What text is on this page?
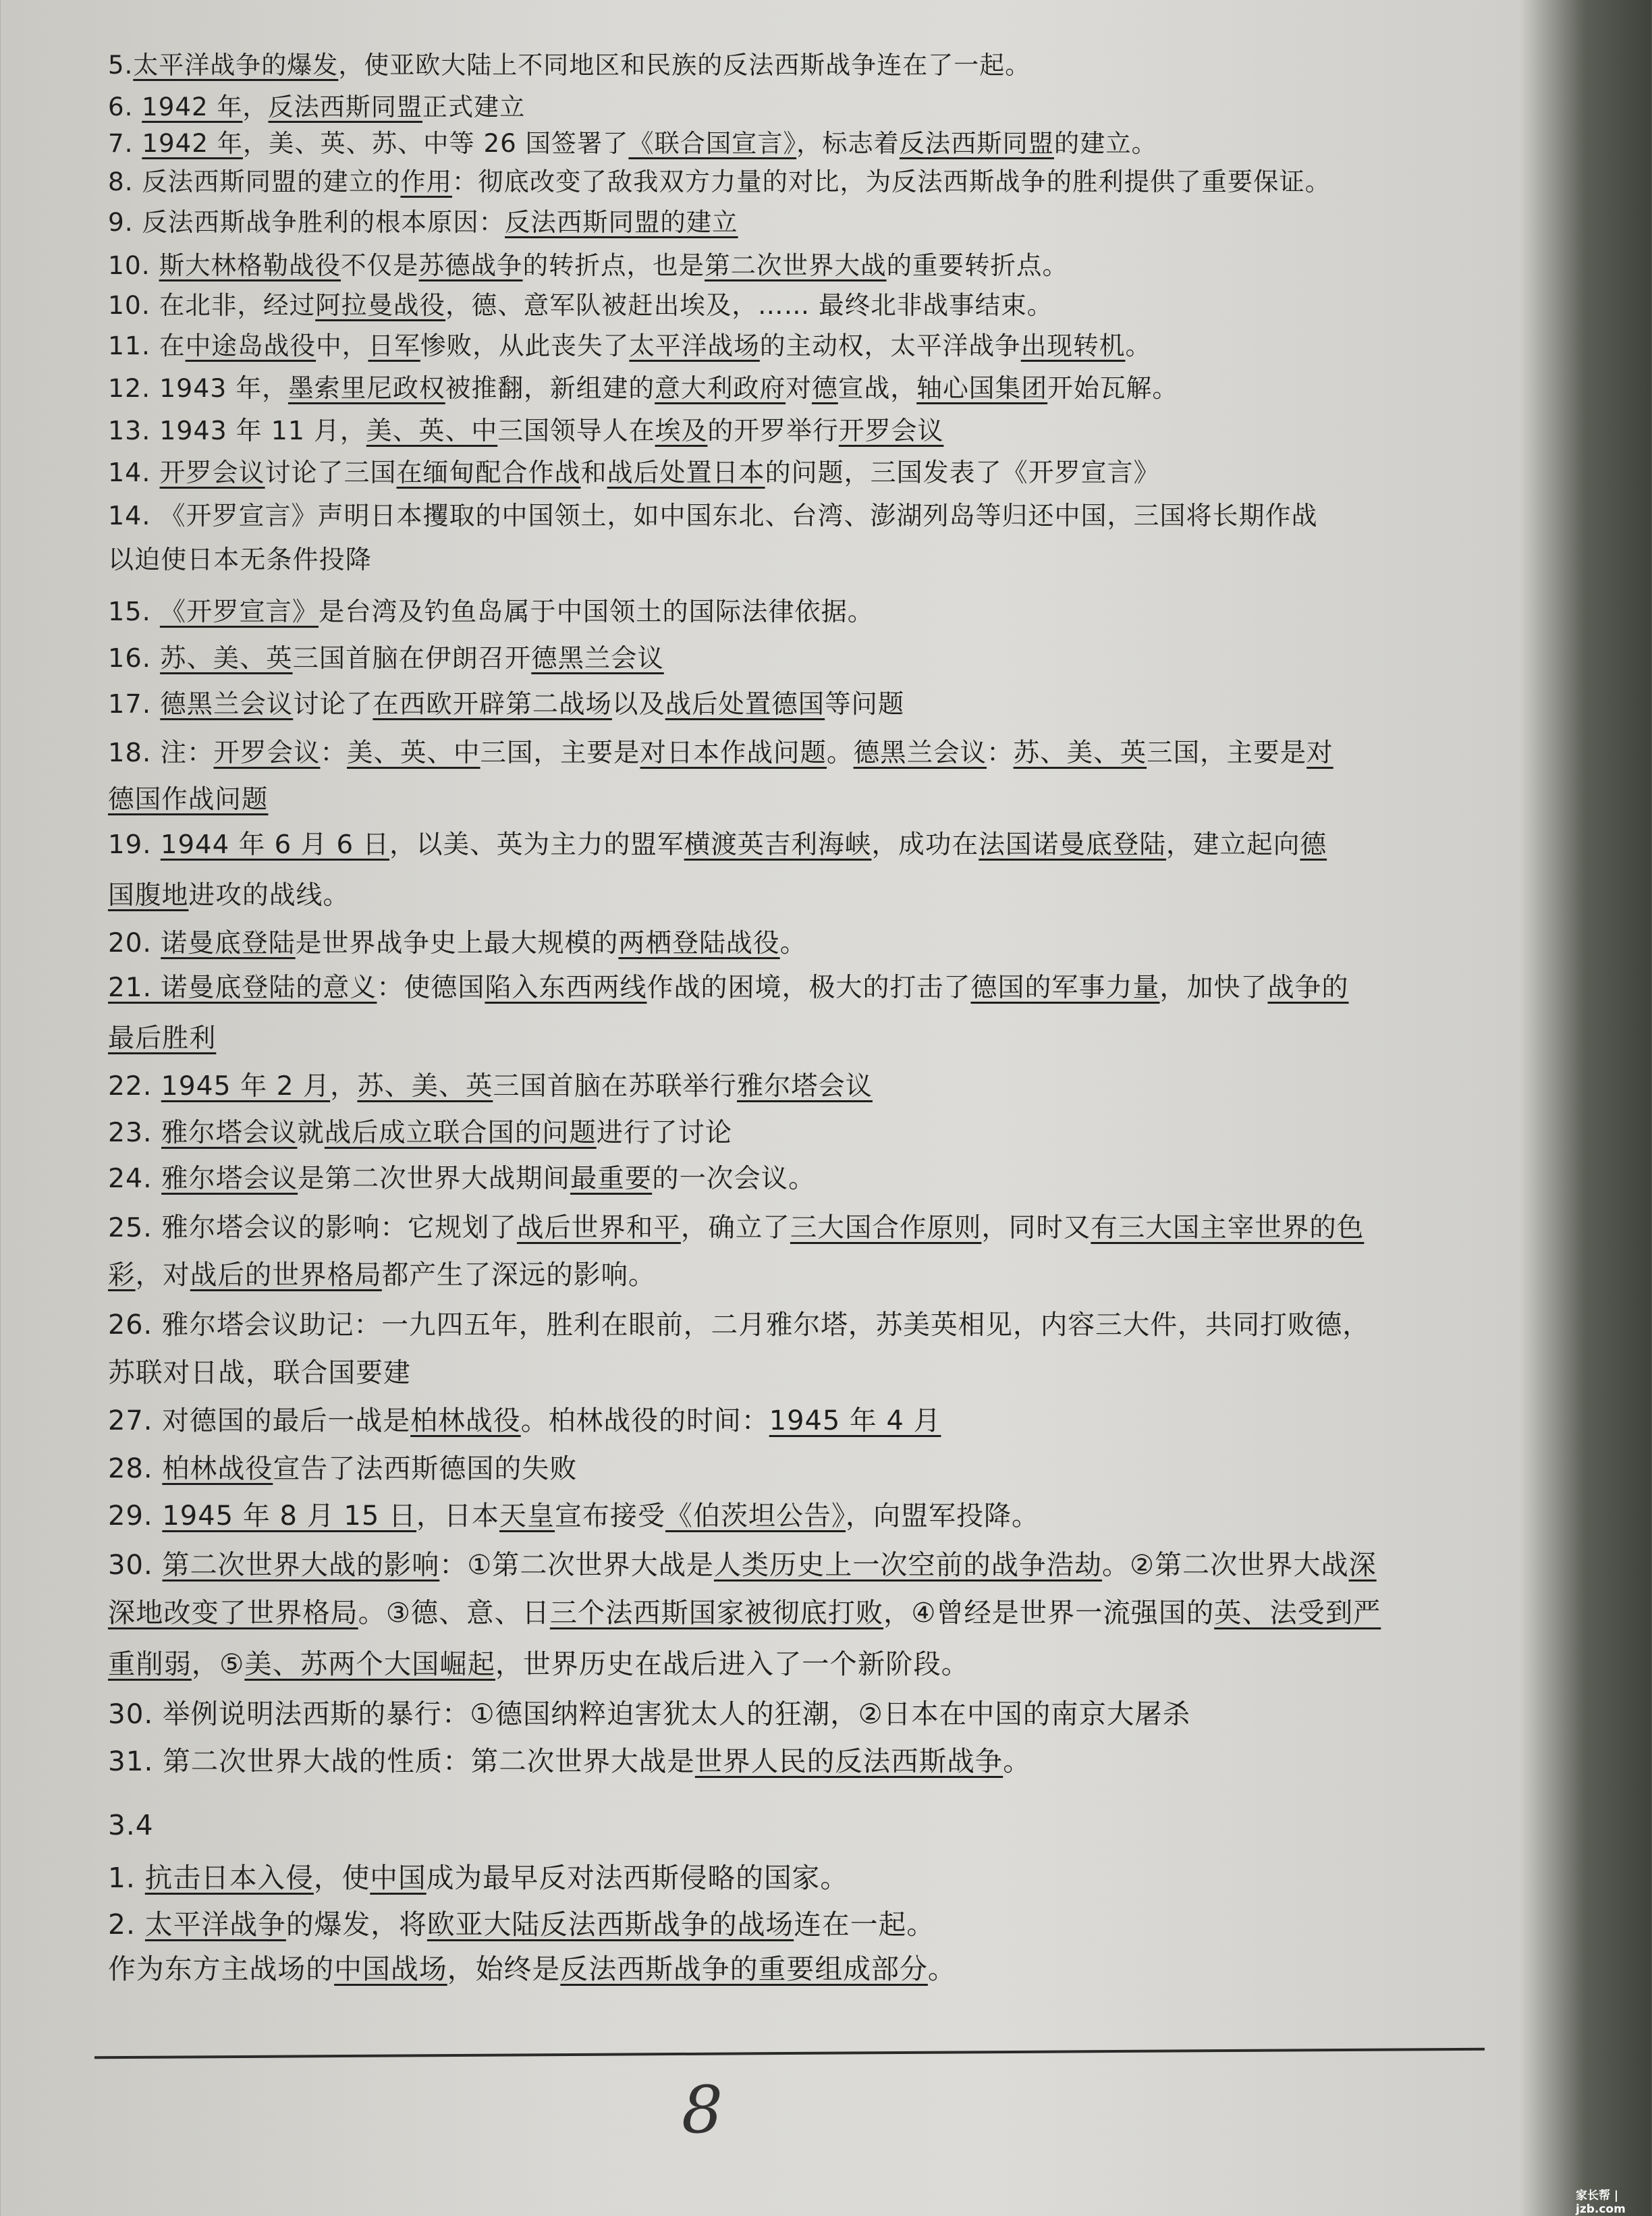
5.太平洋战争的爆发，使亚欧大陆上不同地区和民族的反法西斯战争连在了一起。
6. 1942 年，反法西斯同盟正式建立
7. 1942 年，美、英、苏、中等 26 国签署了《联合国宣言》，标志着反法西斯同盟的建立。
8. 反法西斯同盟的建立的作用：彻底改变了敌我双方力量的对比，为反法西斯战争的胜利提供了重要保证。
9. 反法西斯战争胜利的根本原因：反法西斯同盟的建立
10. 斯大林格勒战役不仅是苏德战争的转折点，也是第二次世界大战的重要转折点。
10. 在北非，经过阿拉曼战役，德、意军队被赶出埃及，…… 最终北非战事结束。
11. 在中途岛战役中，日军惨败，从此丧失了太平洋战场的主动权，太平洋战争出现转机。
12. 1943 年，墨索里尼政权被推翻，新组建的意大利政府对德宣战，轴心国集团开始瓦解。
13. 1943 年 11 月，美、英、中三国领导人在埃及的开罗举行开罗会议
14. 开罗会议讨论了三国在缅甸配合作战和战后处置日本的问题，三国发表了《开罗宣言》
14. 《开罗宣言》声明日本攫取的中国领土，如中国东北、台湾、澎湖列岛等归还中国，三国将长期作战
以迫使日本无条件投降
15. 《开罗宣言》是台湾及钓鱼岛属于中国领土的国际法律依据。
16. 苏、美、英三国首脑在伊朗召开德黑兰会议
17. 德黑兰会议讨论了在西欧开辟第二战场以及战后处置德国等问题
18. 注：开罗会议：美、英、中三国，主要是对日本作战问题。德黑兰会议：苏、美、英三国，主要是对
德国作战问题
19. 1944 年 6 月 6 日，以美、英为主力的盟军横渡英吉利海峡，成功在法国诺曼底登陆，建立起向德
国腹地进攻的战线。
20. 诺曼底登陆是世界战争史上最大规模的两栖登陆战役。
21. 诺曼底登陆的意义：使德国陷入东西两线作战的困境，极大的打击了德国的军事力量，加快了战争的
最后胜利
22. 1945 年 2 月，苏、美、英三国首脑在苏联举行雅尔塔会议
23. 雅尔塔会议就战后成立联合国的问题进行了讨论
24. 雅尔塔会议是第二次世界大战期间最重要的一次会议。
25. 雅尔塔会议的影响：它规划了战后世界和平，确立了三大国合作原则，同时又有三大国主宰世界的色
彩，对战后的世界格局都产生了深远的影响。
26. 雅尔塔会议助记：一九四五年，胜利在眼前，二月雅尔塔，苏美英相见，内容三大件，共同打败德，
苏联对日战，联合国要建
27. 对德国的最后一战是柏林战役。柏林战役的时间：1945 年 4 月
28. 柏林战役宣告了法西斯德国的失败
29. 1945 年 8 月 15 日，日本天皇宣布接受《伯茨坦公告》，向盟军投降。
30. 第二次世界大战的影响：①第二次世界大战是人类历史上一次空前的战争浩劫。②第二次世界大战深
深地改变了世界格局。③德、意、日三个法西斯国家被彻底打败，④曾经是世界一流强国的英、法受到严
重削弱，⑤美、苏两个大国崛起，世界历史在战后进入了一个新阶段。
30. 举例说明法西斯的暴行：①德国纳粹迫害犹太人的狂潮，②日本在中国的南京大屠杀
31. 第二次世界大战的性质：第二次世界大战是世界人民的反法西斯战争。
3.4
1. 抗击日本入侵，使中国成为最早反对法西斯侵略的国家。
2. 太平洋战争的爆发，将欧亚大陆反法西斯战争的战场连在一起。
作为东方主战场的中国战场，始终是反法西斯战争的重要组成部分。
8
家长帮 | jzb.com
